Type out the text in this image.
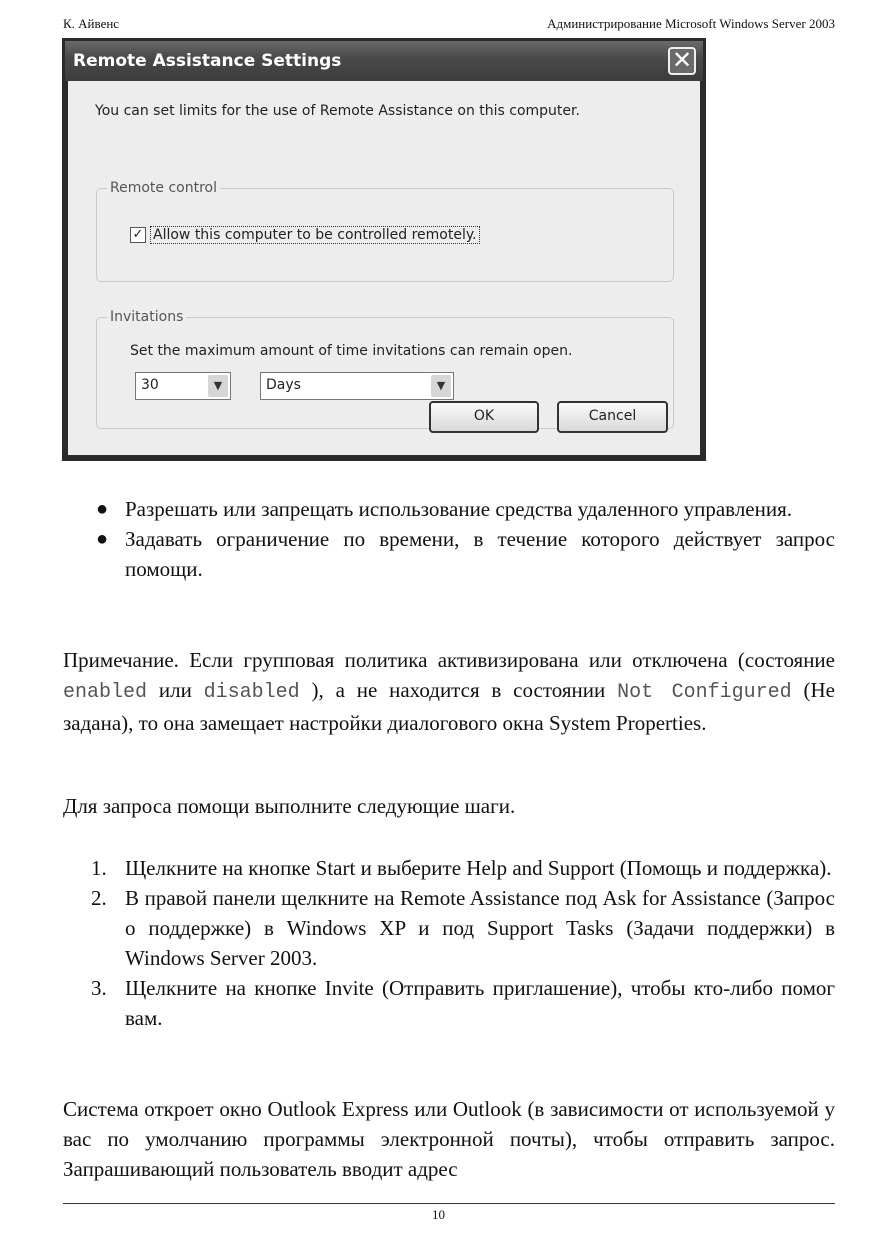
К. Айвенс	Администрирование Microsoft Windows Server 2003
Remote Assistance Settings	✕
You can set limits for the use of Remote Assistance on this computer.
Remote control
✓ Allow this computer to be controlled remotely.
Invitations
Set the maximum amount of time invitations can remain open.
30	▼	Days	▼
OK	Cancel
● Разрешать или запрещать использование средства удаленного управления.
● Задавать ограничение по времени, в течение которого действует запрос помощи.
Примечание. Если групповая политика активизирована или отключена (состояние enabled или disabled ), а не находится в состоянии Not Configured (Не задана), то она замещает настройки диалогового окна System Properties.
Для запроса помощи выполните следующие шаги.
1. Щелкните на кнопке Start и выберите Help and Support (Помощь и поддержка).
2. В правой панели щелкните на Remote Assistance под Ask for Assistance (Запрос о поддержке) в Windows XP и под Support Tasks (Задачи поддержки) в Windows Server 2003.
3. Щелкните на кнопке Invite (Отправить приглашение), чтобы кто-либо помог вам.
Система откроет окно Outlook Express или Outlook (в зависимости от используемой у вас по умолчанию программы электронной почты), чтобы отправить запрос. Запрашивающий пользователь вводит адрес
10
